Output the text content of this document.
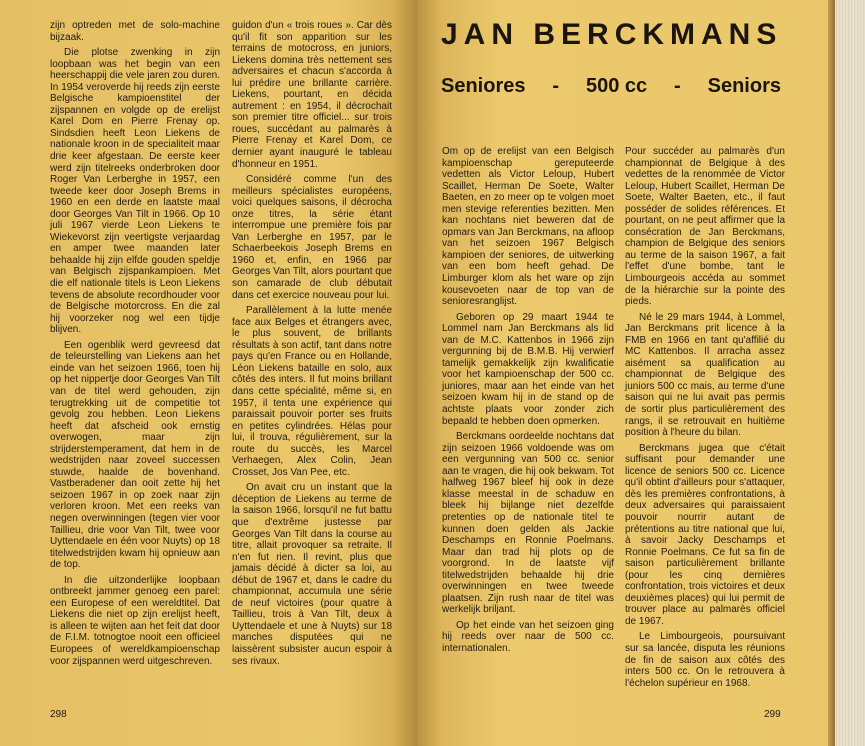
zijn optreden met de solo-machine bijzaak.

Die plotse zwenking in zijn loopbaan was het begin van een heerschappij die vele jaren zou duren. In 1954 veroverde hij reeds zijn eerste Belgische kampioenstitel der zijspannen en volgde op de erelijst Karel Dom en Pierre Frenay op. Sindsdien heeft Leon Liekens de nationale kroon in de specialiteit maar drie keer afgestaan. De eerste keer werd zijn titelreeks onderbroken door Roger Van Lerberghe in 1957, een tweede keer door Joseph Brems in 1960 en een derde en laatste maal door Georges Van Tilt in 1966. Op 10 juli 1967 vierde Leon Liekens te Wiekevorst zijn veertigste verjaardag en amper twee maanden later behaalde hij zijn elfde gouden speldje van Belgisch zijspankampioen. Met die elf nationale titels is Leon Liekens tevens de absolute recordhouder voor de Belgische motorcross. En die zal hij voorzeker nog wel een tijdje blijven.

Een ogenblik werd gevreesd dat de teleurstelling van Liekens aan het einde van het seizoen 1966, toen hij op het nippertje door Georges Van Tilt van de titel werd gehouden, zijn terugtrekking uit de competitie tot gevolg zou hebben. Leon Liekens heeft dat afscheid ook ernstig overwogen, maar zijn strijderstemperament, dat hem in de wedstrijden naar zoveel successen stuwde, haalde de bovenhand. Vastberadener dan ooit zette hij het seizoen 1967 in op zoek naar zijn verloren kroon. Met een reeks van negen overwinningen (tegen vier voor Taillieu, drie voor Van Tilt, twee voor Uyttendaele en één voor Nuyts) op 18 titelwedstrijden kwam hij opnieuw aan de top.

In die uitzonderlijke loopbaan ontbreekt jammer genoeg een parel: een Europese of een wereldtitel. Dat Liekens die niet op zijn erelijst heeft, is alleen te wijten aan het feit dat door de F.I.M. totnogtoe nooit een officieel Europees of wereldkampioenschap voor zijspannen werd uitgeschreven.

guidon d'un « trois roues ». Car dès qu'il fit son apparition sur les terrains de motocross, en juniors, Liekens domina très nettement ses adversaires et chacun s'accorda à lui prédire une brillante carrière. Liekens, pourtant, en décida autrement : en 1954, il décrochait son premier titre officiel... sur trois roues, succédant au palmarès à Pierre Frenay et Karel Dom, ce dernier ayant inauguré le tableau d'honneur en 1951.

Considéré comme l'un des meilleurs spécialistes européens, voici quelques saisons, il décrocha onze titres, la série étant interrompue une première fois par Van Lerberghe en 1957, par le Schaerbeekois Joseph Brems en 1960 et, enfin, en 1966 par Georges Van Tilt, alors pourtant que son camarade de club débutait dans cet exercice nouveau pour lui.

Parallèlement à la lutte menée face aux Belges et étrangers avec, le plus souvent, de brillants résultats à son actif, tant dans notre pays qu'en France ou en Hollande, Léon Liekens bataille en solo, aux côtés des inters. Il fut moins brillant dans cette spécialité, même si, en 1957, il tenta une expérience qui paraissait pouvoir porter ses fruits en petites cylindrées. Hélas pour lui, il trouva, régulièrement, sur la route du succès, les Marcel Verhaegen, Alex Colin, Jean Crosset, Jos Van Pee, etc.

On avait cru un instant que la déception de Liekens au terme de la saison 1966, lorsqu'il ne fut battu que d'extrême justesse par Georges Van Tilt dans la course au titre, allait provoquer sa retraite. Il n'en fut rien. Il revint, plus que jamais décidé à dicter sa loi, au début de 1967 et, dans le cadre du championnat, accumula une série de neuf victoires (pour quatre à Taillieu, trois à Van Tilt, deux à Uyttendaele et une à Nuyts) sur 18 manches disputées qui ne laissèrent subsister aucun espoir à ses rivaux.

298
JAN BERCKMANS
Seniores - 500 cc - Seniors

Om op de erelijst van een Belgisch kampioenschap gereputeerde vedetten als Victor Leloup, Hubert Scaillet, Herman De Soete, Walter Baeten, en zo meer op te volgen moet men stevige referenties bezitten. Men kan nochtans niet beweren dat de opmars van Jan Berckmans, na afloop van het seizoen 1967 Belgisch kampioen der seniores, de uitwerking van een bom heeft gehad. De Limburger klom als het ware op zijn kousevoeten naar de top van de senioresranglijst.

Geboren op 29 maart 1944 te Lommel nam Jan Berckmans als lid van de M.C. Kattenbos in 1966 zijn vergunning bij de B.M.B. Hij verwierf tamelijk gemakkelijk zijn kwalificatie voor het kampioenschap der 500 cc. juniores, maar aan het einde van het seizoen kwam hij in de stand op de achtste plaats voor zonder zich bepaald te hebben doen opmerken.

Berckmans oordeelde nochtans dat zijn seizoen 1966 voldoende was om een vergunning van 500 cc. senior aan te vragen, die hij ook bekwam. Tot halfweg 1967 bleef hij ook in deze klasse meestal in de schaduw en bleek hij bijlange niet dezelfde pretenties op de nationale titel te kunnen doen gelden als Jackie Deschamps en Ronnie Poelmans. Maar dan trad hij plots op de voorgrond. In de laatste vijf titelwedstrijden behaalde hij drie overwinningen en twee tweede plaatsen. Zijn rush naar de titel was werkelijk briljant.

Op het einde van het seizoen ging hij reeds over naar de 500 cc. internationalen.

Pour succéder au palmarès d'un championnat de Belgique à des vedettes de la renommée de Victor Leloup, Hubert Scaillet, Herman De Soete, Walter Baeten, etc., il faut posséder de solides références. Et pourtant, on ne peut affirmer que la consécration de Jan Berckmans, champion de Belgique des seniors au terme de la saison 1967, a fait l'effet d'une bombe, tant le Limbourgeois accéda au sommet de la hiérarchie sur la pointe des pieds.

Né le 29 mars 1944, à Lommel, Jan Berckmans prit licence à la FMB en 1966 en tant qu'affilié du MC Kattenbos. Il arracha assez aisément sa qualification au championnat de Belgique des juniors 500 cc mais, au terme d'une saison qui ne lui avait pas permis de sortir plus particulièrement des rangs, il se retrouvait en huitième position à l'heure du bilan.

Berckmans jugea que c'était suffisant pour demander une licence de seniors 500 cc. Licence qu'il obtint d'ailleurs pour s'attaquer, dès les premières confrontations, à deux adversaires qui paraissaient pouvoir nourrir autant de prétentions au titre national que lui, à savoir Jacky Deschamps et Ronnie Poelmans. Ce fut sa fin de saison particulièrement brillante (pour les cinq dernières confrontation, trois victoires et deux deuxièmes places) qui lui permit de trouver place au palmarès officiel de 1967.

Le Limbourgeois, poursuivant sur sa lancée, disputa les réunions de fin de saison aux côtés des inters 500 cc. On le retrouvera à l'échelon supérieur en 1968.

299
